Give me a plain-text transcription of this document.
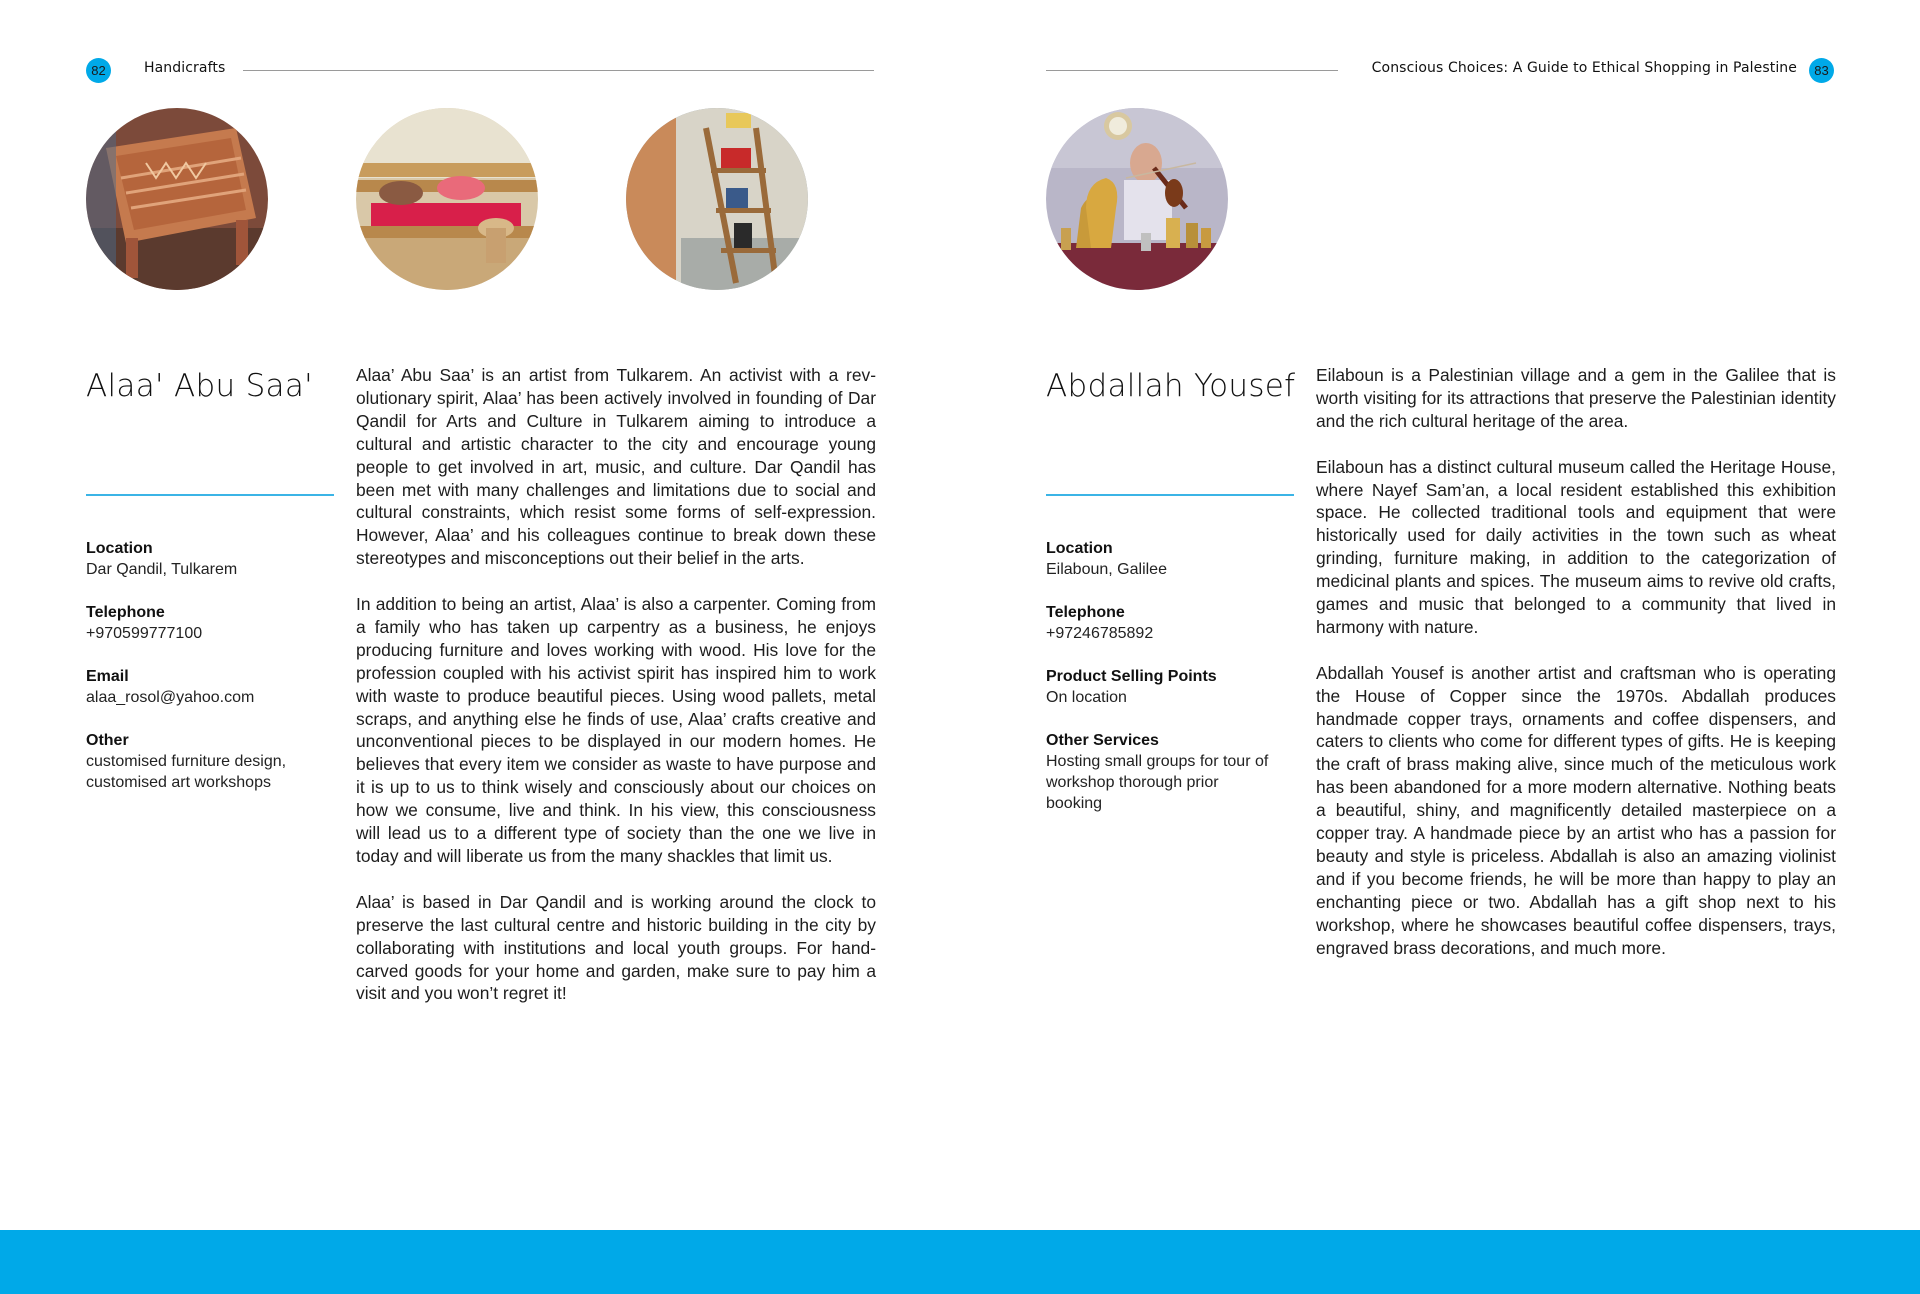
82	Handicrafts
Alaa' Abu Saa'
Location
Dar Qandil, Tulkarem
Telephone
+970599777100
Email
alaa_rosol@yahoo.com
Other
customised furniture design, customised art workshops

Alaa’ Abu Saa’ is an artist from Tulkarem. An activist with a revolutionary spirit, Alaa’ has been actively involved in founding of Dar Qandil for Arts and Culture in Tulkarem aiming to introduce a cultural and artistic character to the city and encourage young people to get involved in art, music, and culture. Dar Qandil has been met with many challenges and limitations due to social and cultural constraints, which resist some forms of self-expression. However, Alaa’ and his colleagues continue to break down these stereotypes and misconceptions out their belief in the arts.

In addition to being an artist, Alaa’ is also a carpenter. Coming from a family who has taken up carpentry as a business, he enjoys producing furniture and loves working with wood. His love for the profession coupled with his activist spirit has inspired him to work with waste to produce beautiful pieces. Using wood pallets, metal scraps, and anything else he finds of use, Alaa’ crafts creative and unconventional pieces to be displayed in our modern homes. He believes that every item we consider as waste to have purpose and it is up to us to think wisely and consciously about our choices on how we consume, live and think. In his view, this consciousness will lead us to a different type of society than the one we live in today and will liberate us from the many shackles that limit us.

Alaa’ is based in Dar Qandil and is working around the clock to preserve the last cultural centre and historic building in the city by collaborating with institutions and local youth groups. For hand-carved goods for your home and garden, make sure to pay him a visit and you won’t regret it!

Conscious Choices: A Guide to Ethical Shopping in Palestine	83
Abdallah Yousef
Location
Eilaboun, Galilee
Telephone
+97246785892
Product Selling Points
On location
Other Services
Hosting small groups for tour of workshop thorough prior booking

Eilaboun is a Palestinian village and a gem in the Galilee that is worth visiting for its attractions that preserve the Palestinian identity and the rich cultural heritage of the area.

Eilaboun has a distinct cultural museum called the Heritage House, where Nayef Sam’an, a local resident established this exhibition space. He collected traditional tools and equipment that were historically used for daily activities in the town such as wheat grinding, furniture making, in addition to the categorization of medicinal plants and spices. The museum aims to revive old crafts, games and music that belonged to a community that lived in harmony with nature.

Abdallah Yousef is another artist and craftsman who is operating the House of Copper since the 1970s. Abdallah produces handmade copper trays, ornaments and coffee dispensers, and caters to clients who come for different types of gifts. He is keeping the craft of brass making alive, since much of the meticulous work has been abandoned for a more modern alternative. Nothing beats a beautiful, shiny, and magnificently detailed masterpiece on a copper tray. A handmade piece by an artist who has a passion for beauty and style is priceless. Abdallah is also an amazing violinist and if you become friends, he will be more than happy to play an enchanting piece or two. Abdallah has a gift shop next to his workshop, where he showcases beautiful coffee dispensers, trays, engraved brass decorations, and much more.
